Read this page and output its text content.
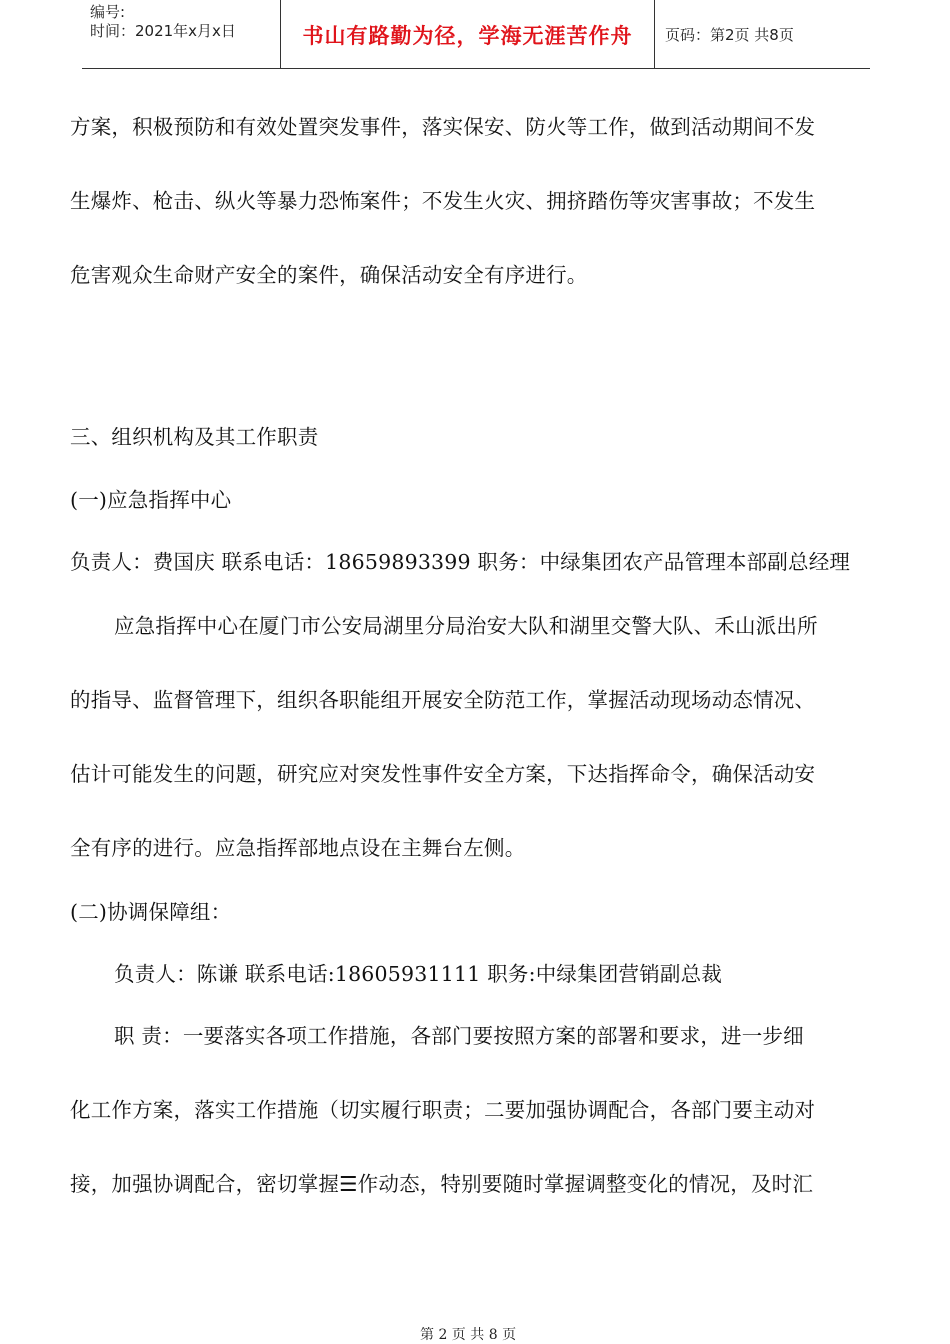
编号:
时间：2021年x月x日	书山有路勤为径，学海无涯苦作舟	页码：第2页 共8页
方案，积极预防和有效处置突发事件，落实保安、防火等工作，做到活动期间不发
生爆炸、枪击、纵火等暴力恐怖案件；不发生火灾、拥挤踏伤等灾害事故；不发生
危害观众生命财产安全的案件，确保活动安全有序进行。
三、组织机构及其工作职责
(一)应急指挥中心
负责人：费国庆 联系电话：18659893399 职务：中绿集团农产品管理本部副总经理
应急指挥中心在厦门市公安局湖里分局治安大队和湖里交警大队、禾山派出所
的指导、监督管理下，组织各职能组开展安全防范工作，掌握活动现场动态情况、
估计可能发生的问题，研究应对突发性事件安全方案，下达指挥命令，确保活动安
全有序的进行。应急指挥部地点设在主舞台左侧。
(二)协调保障组：
负责人：陈谦 联系电话:18605931111 职务:中绿集团营销副总裁
职 责：一要落实各项工作措施，各部门要按照方案的部署和要求，进一步细
化工作方案，落实工作措施（切实履行职责；二要加强协调配合，各部门要主动对
接，加强协调配合，密切掌握☰作动态，特别要随时掌握调整变化的情况，及时汇
第 2 页 共 8 页
